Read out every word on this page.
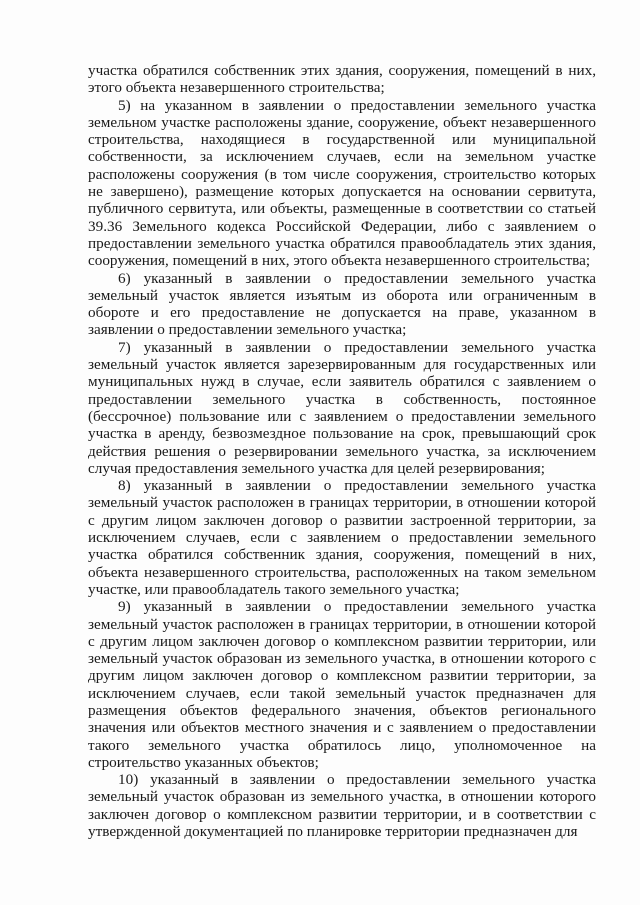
участка обратился собственник этих здания, сооружения, помещений в них, этого объекта незавершенного строительства;

5) на указанном в заявлении о предоставлении земельного участка земельном участке расположены здание, сооружение, объект незавершенного строительства, находящиеся в государственной или муниципальной собственности, за исключением случаев, если на земельном участке расположены сооружения (в том числе сооружения, строительство которых не завершено), размещение которых допускается на основании сервитута, публичного сервитута, или объекты, размещенные в соответствии со статьей 39.36 Земельного кодекса Российской Федерации, либо с заявлением о предоставлении земельного участка обратился правообладатель этих здания, сооружения, помещений в них, этого объекта незавершенного строительства;

6) указанный в заявлении о предоставлении земельного участка земельный участок является изъятым из оборота или ограниченным в обороте и его предоставление не допускается на праве, указанном в заявлении о предоставлении земельного участка;

7) указанный в заявлении о предоставлении земельного участка земельный участок является зарезервированным для государственных или муниципальных нужд в случае, если заявитель обратился с заявлением о предоставлении земельного участка в собственность, постоянное (бессрочное) пользование или с заявлением о предоставлении земельного участка в аренду, безвозмездное пользование на срок, превышающий срок действия решения о резервировании земельного участка, за исключением случая предоставления земельного участка для целей резервирования;

8) указанный в заявлении о предоставлении земельного участка земельный участок расположен в границах территории, в отношении которой с другим лицом заключен договор о развитии застроенной территории, за исключением случаев, если с заявлением о предоставлении земельного участка обратился собственник здания, сооружения, помещений в них, объекта незавершенного строительства, расположенных на таком земельном участке, или правообладатель такого земельного участка;

9) указанный в заявлении о предоставлении земельного участка земельный участок расположен в границах территории, в отношении которой с другим лицом заключен договор о комплексном развитии территории, или земельный участок образован из земельного участка, в отношении которого с другим лицом заключен договор о комплексном развитии территории, за исключением случаев, если такой земельный участок предназначен для размещения объектов федерального значения, объектов регионального значения или объектов местного значения и с заявлением о предоставлении такого земельного участка обратилось лицо, уполномоченное на строительство указанных объектов;

10) указанный в заявлении о предоставлении земельного участка земельный участок образован из земельного участка, в отношении которого заключен договор о комплексном развитии территории, и в соответствии с утвержденной документацией по планировке территории предназначен для
